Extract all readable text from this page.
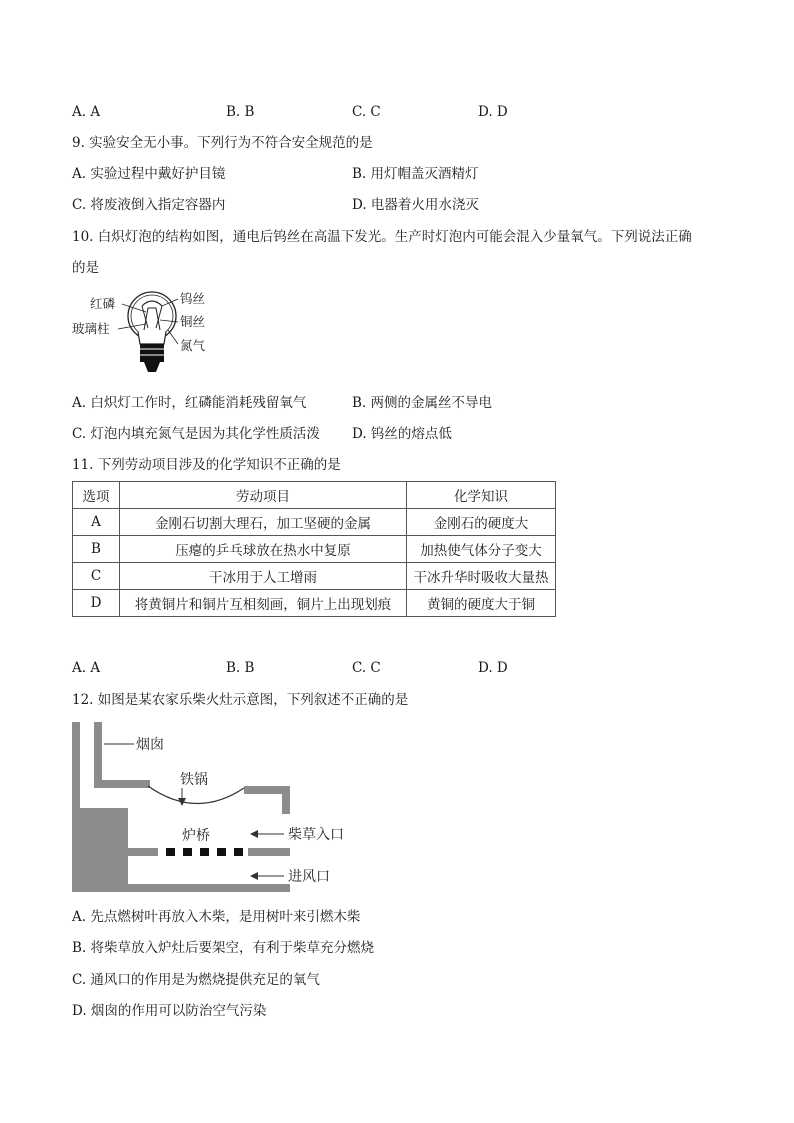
A. A	B. B	C. C	D. D
9. 实验安全无小事。下列行为不符合安全规范的是
A. 实验过程中戴好护目镜	B. 用灯帽盖灭酒精灯
C. 将废液倒入指定容器内	D. 电器着火用水浇灭
10. 白炽灯泡的结构如图，通电后钨丝在高温下发光。生产时灯泡内可能会混入少量氧气。下列说法正确
的是
红磷
玻璃柱
钨丝
铜丝
氮气
A. 白炽灯工作时，红磷能消耗残留氧气	B. 两侧的金属丝不导电
C. 灯泡内填充氮气是因为其化学性质活泼 D. 钨丝的熔点低
11. 下列劳动项目涉及的化学知识不正确的是
选项	劳动项目	化学知识
A	金刚石切割大理石，加工坚硬的金属	金刚石的硬度大
B	压瘪的乒乓球放在热水中复原	加热使气体分子变大
C	干冰用于人工增雨	干冰升华时吸收大量热
D	将黄铜片和铜片互相刻画，铜片上出现划痕	黄铜的硬度大于铜
A. A	B. B	C. C	D. D
12. 如图是某农家乐柴火灶示意图，下列叙述不正确的是
烟囱
铁锅
炉桥	柴草入口
进风口
A. 先点燃树叶再放入木柴，是用树叶来引燃木柴
B. 将柴草放入炉灶后要架空，有利于柴草充分燃烧
C. 通风口的作用是为燃烧提供充足的氧气
D. 烟囱的作用可以防治空气污染
